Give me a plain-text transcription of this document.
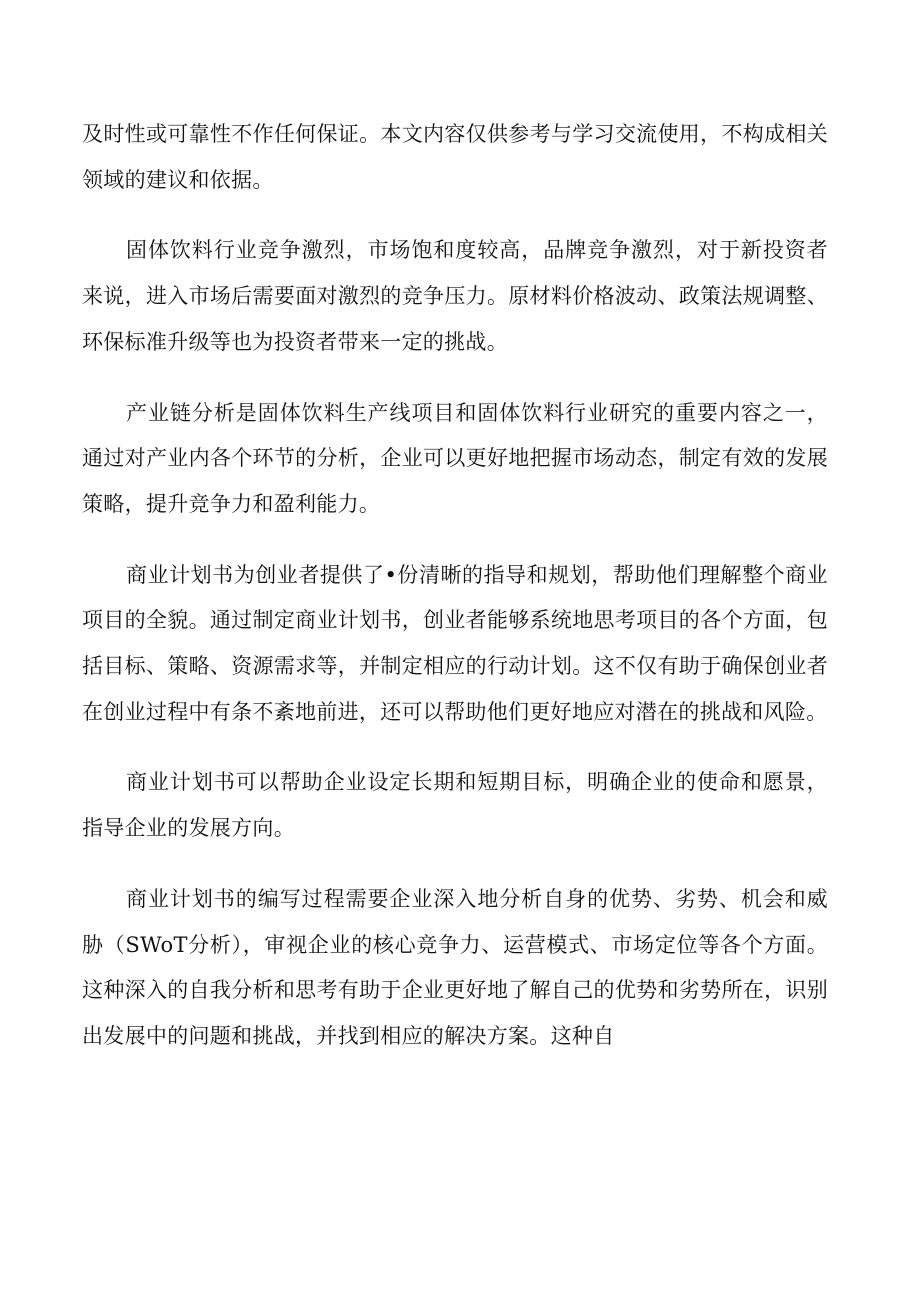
及时性或可靠性不作任何保证。本文内容仅供参考与学习交流使用，不构成相关领域的建议和依据。

固体饮料行业竞争激烈，市场饱和度较高，品牌竞争激烈，对于新投资者来说，进入市场后需要面对激烈的竞争压力。原材料价格波动、政策法规调整、环保标准升级等也为投资者带来一定的挑战。

产业链分析是固体饮料生产线项目和固体饮料行业研究的重要内容之一，通过对产业内各个环节的分析，企业可以更好地把握市场动态，制定有效的发展策略，提升竞争力和盈利能力。

商业计划书为创业者提供了•份清晰的指导和规划，帮助他们理解整个商业项目的全貌。通过制定商业计划书，创业者能够系统地思考项目的各个方面，包括目标、策略、资源需求等，并制定相应的行动计划。这不仅有助于确保创业者在创业过程中有条不紊地前进，还可以帮助他们更好地应对潜在的挑战和风险。

商业计划书可以帮助企业设定长期和短期目标，明确企业的使命和愿景，指导企业的发展方向。

商业计划书的编写过程需要企业深入地分析自身的优势、劣势、机会和威胁（SWoT分析），审视企业的核心竞争力、运营模式、市场定位等各个方面。这种深入的自我分析和思考有助于企业更好地了解自己的优势和劣势所在，识别出发展中的问题和挑战，并找到相应的解决方案。这种自
